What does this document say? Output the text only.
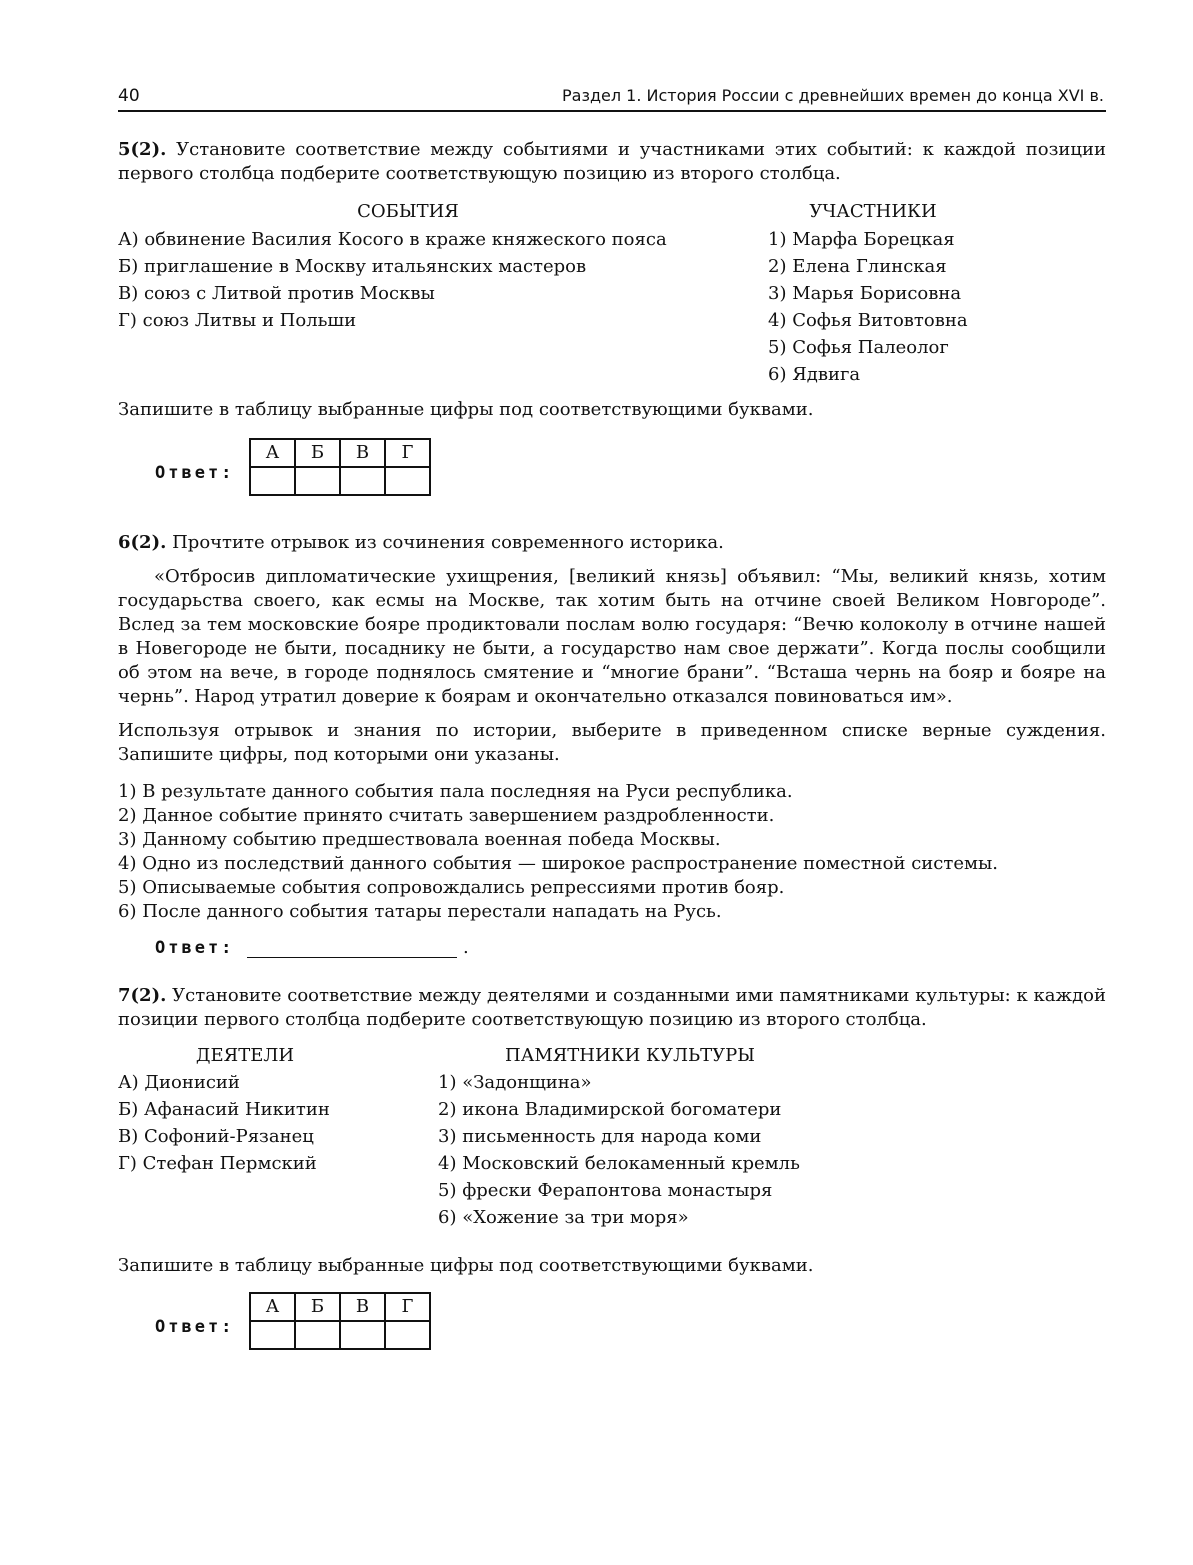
40	Раздел 1. История России с древнейших времен до конца XVI в.
5(2). Установите соответствие между событиями и участниками этих событий: к каждой позиции первого столбца подберите соответствующую позицию из второго столбца.
СОБЫТИЯ	УЧАСТНИКИ
А) обвинение Василия Косого в краже княжеского пояса
Б) приглашение в Москву итальянских мастеров
В) союз с Литвой против Москвы
Г) союз Литвы и Польши
1) Марфа Борецкая
2) Елена Глинская
3) Марья Борисовна
4) Софья Витовтовна
5) Софья Палеолог
6) Ядвига
Запишите в таблицу выбранные цифры под соответствующими буквами.
Ответ:
А	Б	В	Г

6(2). Прочтите отрывок из сочинения современного историка.
«Отбросив дипломатические ухищрения, [великий князь] объявил: “Мы, великий князь, хотим государьства своего, как есмы на Москве, так хотим быть на отчине своей Великом Новгороде”. Вслед за тем московские бояре продиктовали послам волю государя: “Вечю колоколу в отчине нашей в Новегороде не быти, посаднику не быти, а государство нам свое держати”. Когда послы сообщили об этом на вече, в городе поднялось смятение и “многие брани”. “Всташа чернь на бояр и бояре на чернь”. Народ утратил доверие к боярам и окончательно отказался повиноваться им».
Используя отрывок и знания по истории, выберите в приведенном списке верные суждения. Запишите цифры, под которыми они указаны.
1) В результате данного события пала последняя на Руси республика.
2) Данное событие принято считать завершением раздробленности.
3) Данному событию предшествовала военная победа Москвы.
4) Одно из последствий данного события — широкое распространение поместной системы.
5) Описываемые события сопровождались репрессиями против бояр.
6) После данного события татары перестали нападать на Русь.
Ответ:	.
7(2). Установите соответствие между деятелями и созданными ими памятниками культуры: к каждой позиции первого столбца подберите соответствующую позицию из второго столбца.
ДЕЯТЕЛИ	ПАМЯТНИКИ КУЛЬТУРЫ
А) Дионисий
Б) Афанасий Никитин
В) Софоний-Рязанец
Г) Стефан Пермский
1) «Задонщина»
2) икона Владимирской богоматери
3) письменность для народа коми
4) Московский белокаменный кремль
5) фрески Ферапонтова монастыря
6) «Хожение за три моря»
Запишите в таблицу выбранные цифры под соответствующими буквами.
Ответ:
А	Б	В	Г
